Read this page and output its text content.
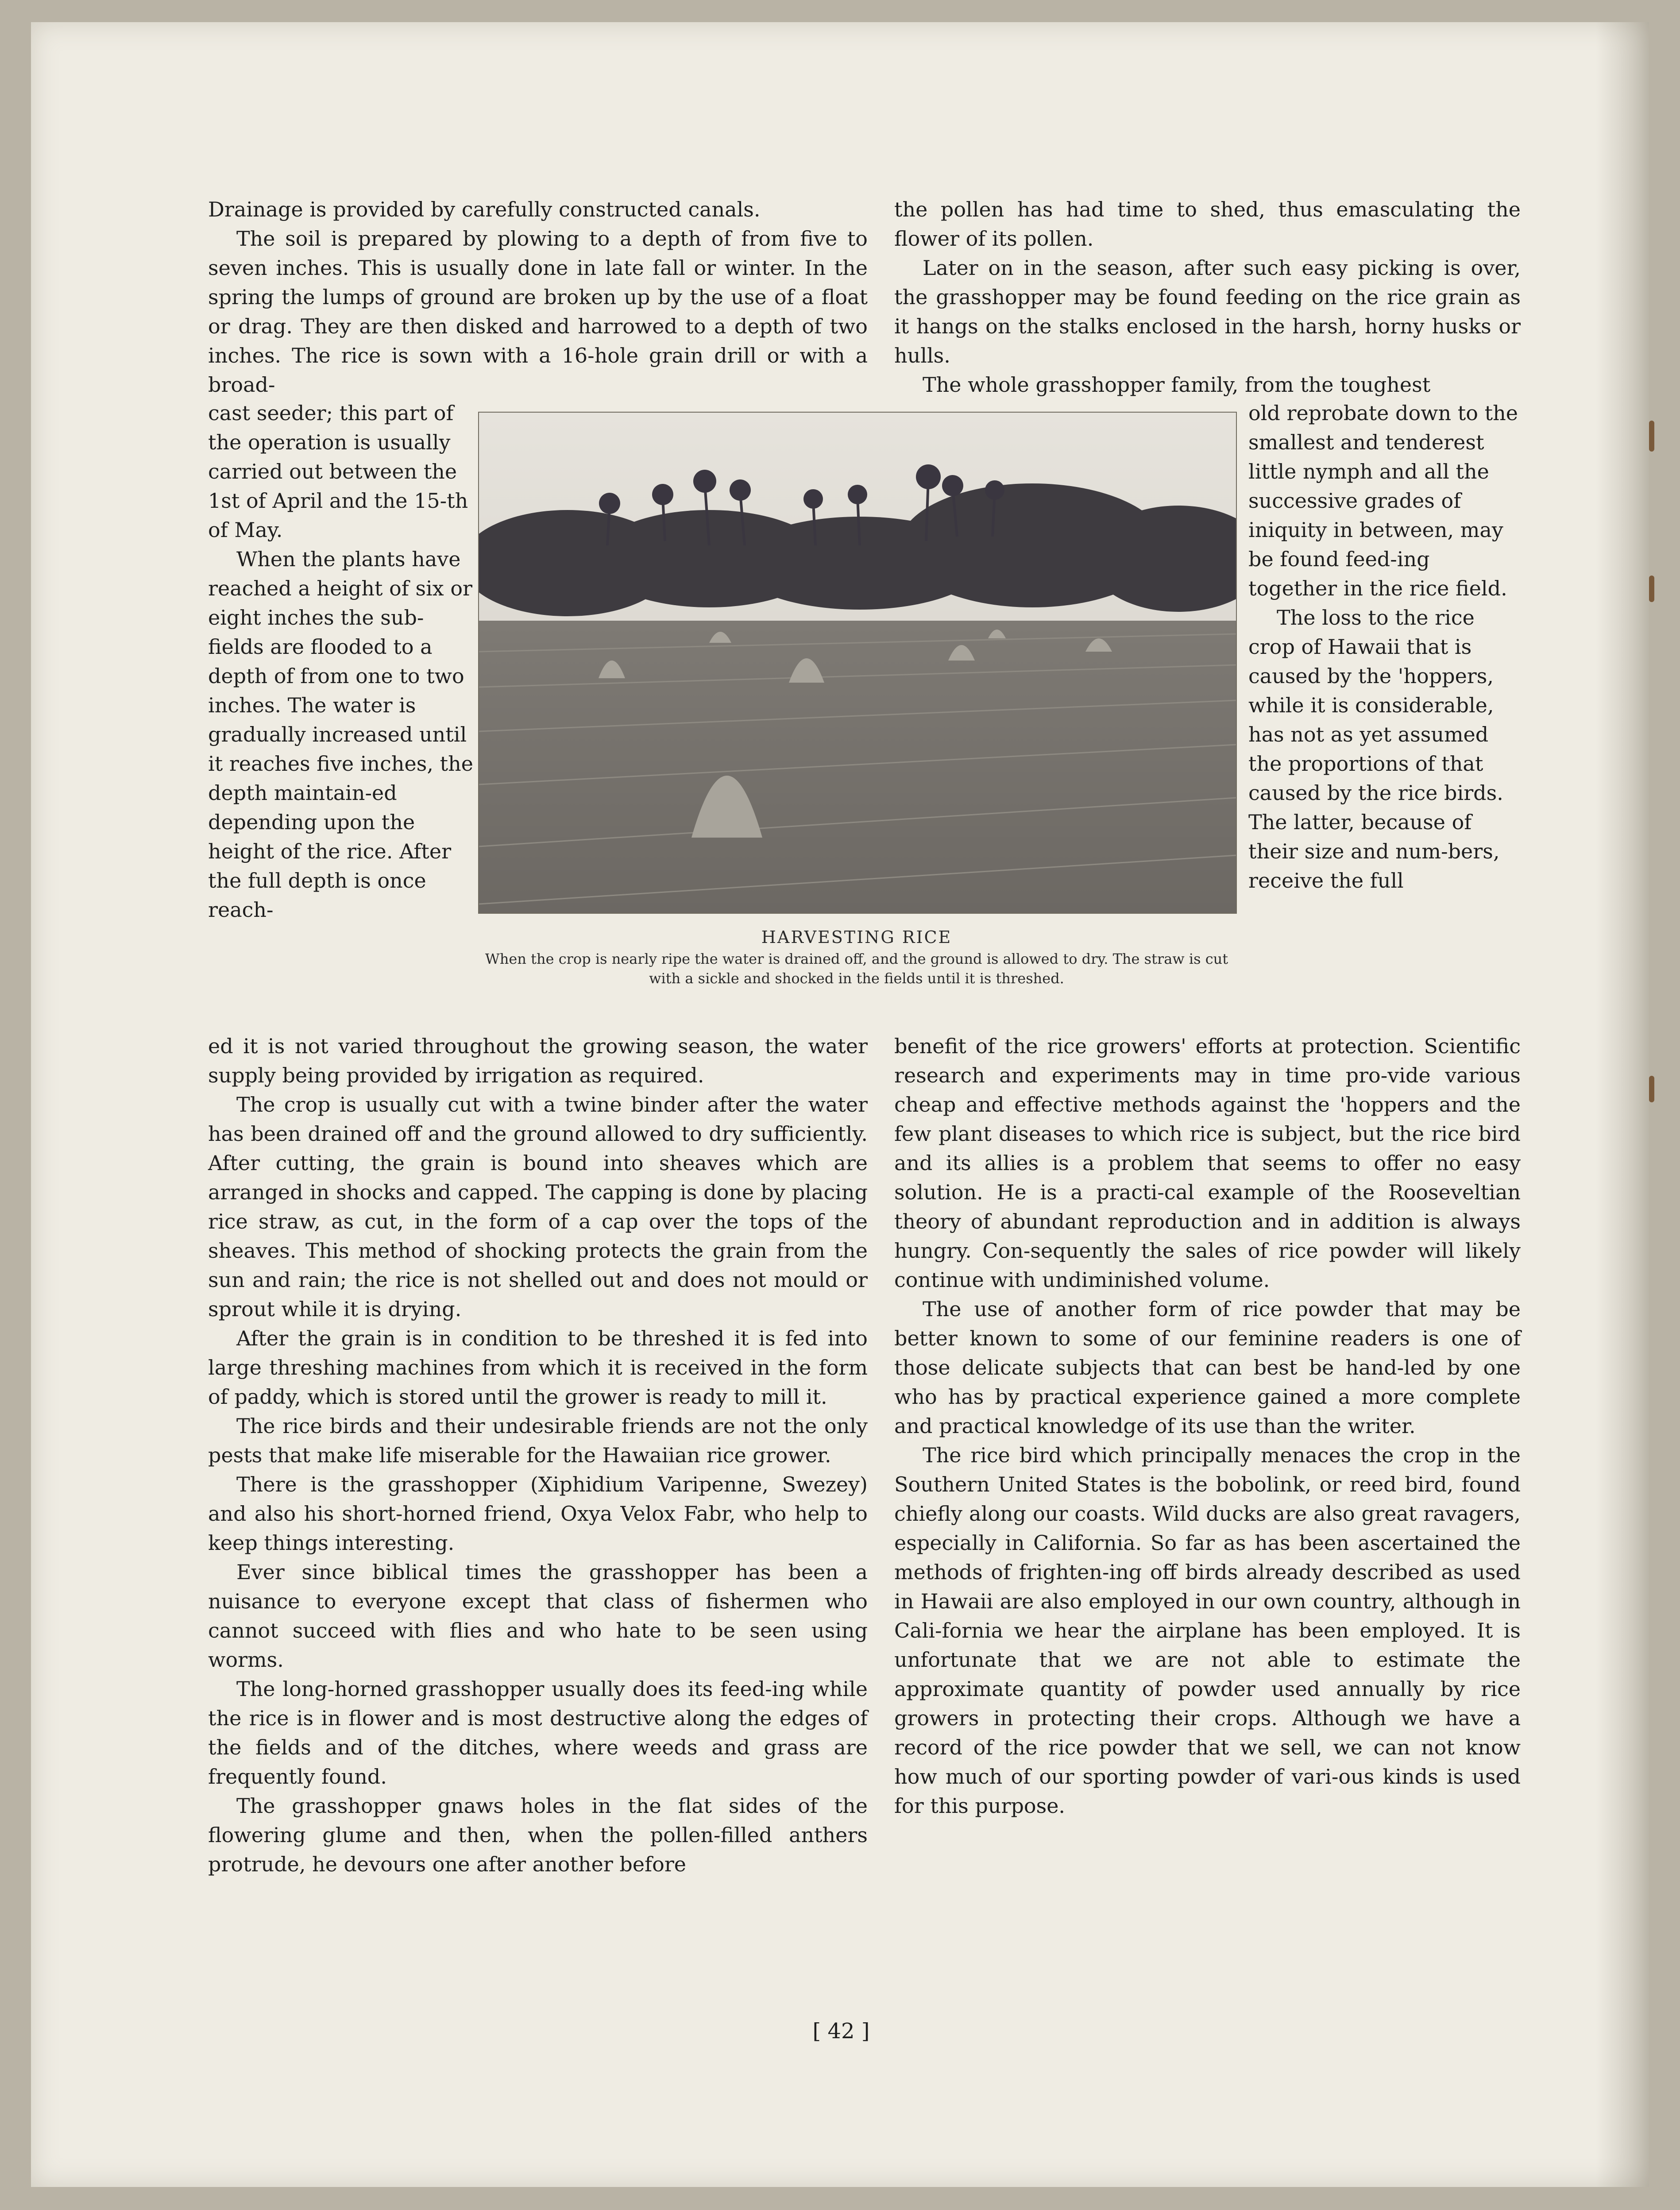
Drainage is provided by carefully constructed canals.

The soil is prepared by plowing to a depth of from five to seven inches. This is usually done in late fall or winter. In the spring the lumps of ground are broken up by the use of a float or drag. They are then disked and harrowed to a depth of two inches. The rice is sown with a 16-hole grain drill or with a broad-

cast seeder; this part of the operation is usually carried out between the 1st of April and the 15-th of May.

When the plants have reached a height of six or eight inches the sub-fields are flooded to a depth of from one to two inches. The water is gradually increased until it reaches five inches, the depth maintain-ed depending upon the height of the rice. After the full depth is once reach-

HARVESTING RICE
When the crop is nearly ripe the water is drained off, and the ground is allowed to dry. The straw is cut with a sickle and shocked in the fields until it is threshed.

ed it is not varied throughout the growing season, the water supply being provided by irrigation as required.

The crop is usually cut with a twine binder after the water has been drained off and the ground allowed to dry sufficiently. After cutting, the grain is bound into sheaves which are arranged in shocks and capped. The capping is done by placing rice straw, as cut, in the form of a cap over the tops of the sheaves. This method of shocking protects the grain from the sun and rain; the rice is not shelled out and does not mould or sprout while it is drying.

After the grain is in condition to be threshed it is fed into large threshing machines from which it is received in the form of paddy, which is stored until the grower is ready to mill it.

The rice birds and their undesirable friends are not the only pests that make life miserable for the Hawaiian rice grower.

There is the grasshopper (Xiphidium Varipenne, Swezey) and also his short-horned friend, Oxya Velox Fabr, who help to keep things interesting.

Ever since biblical times the grasshopper has been a nuisance to everyone except that class of fishermen who cannot succeed with flies and who hate to be seen using worms.

The long-horned grasshopper usually does its feed-ing while the rice is in flower and is most destructive along the edges of the fields and of the ditches, where weeds and grass are frequently found.

The grasshopper gnaws holes in the flat sides of the flowering glume and then, when the pollen-filled anthers protrude, he devours one after another before

the pollen has had time to shed, thus emasculating the flower of its pollen.

Later on in the season, after such easy picking is over, the grasshopper may be found feeding on the rice grain as it hangs on the stalks enclosed in the harsh, horny husks or hulls.

The whole grasshopper family, from the toughest

old reprobate down to the smallest and tenderest little nymph and all the successive grades of iniquity in between, may be found feed-ing together in the rice field.

The loss to the rice crop of Hawaii that is caused by the 'hoppers, while it is considerable, has not as yet assumed the proportions of that caused by the rice birds. The latter, because of their size and num-bers, receive the full

benefit of the rice growers' efforts at protection. Scientific research and experiments may in time pro-vide various cheap and effective methods against the 'hoppers and the few plant diseases to which rice is subject, but the rice bird and its allies is a problem that seems to offer no easy solution. He is a practi-cal example of the Rooseveltian theory of abundant reproduction and in addition is always hungry. Con-sequently the sales of rice powder will likely continue with undiminished volume.

The use of another form of rice powder that may be better known to some of our feminine readers is one of those delicate subjects that can best be hand-led by one who has by practical experience gained a more complete and practical knowledge of its use than the writer.

The rice bird which principally menaces the crop in the Southern United States is the bobolink, or reed bird, found chiefly along our coasts. Wild ducks are also great ravagers, especially in California. So far as has been ascertained the methods of frighten-ing off birds already described as used in Hawaii are also employed in our own country, although in Cali-fornia we hear the airplane has been employed. It is unfortunate that we are not able to estimate the approximate quantity of powder used annually by rice growers in protecting their crops. Although we have a record of the rice powder that we sell, we can not know how much of our sporting powder of vari-ous kinds is used for this purpose.

[ 42 ]
